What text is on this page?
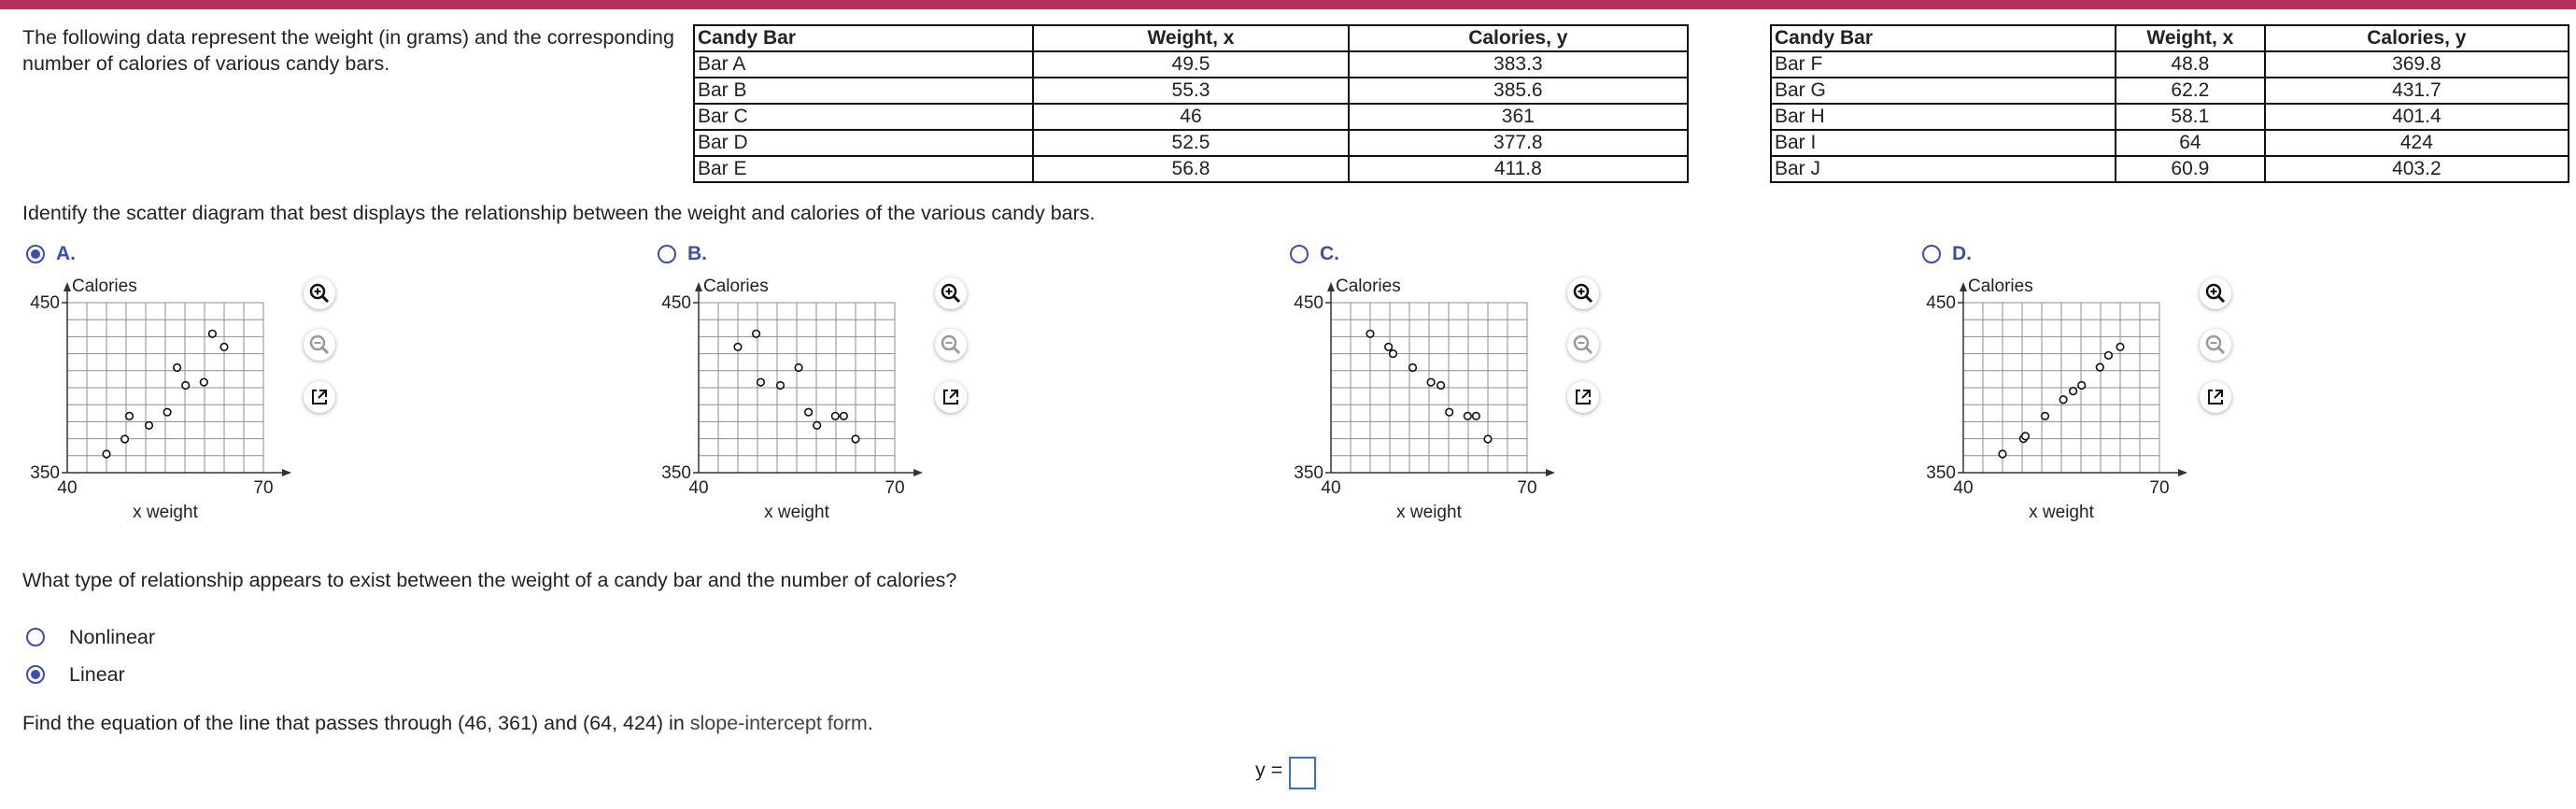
The following data represent the weight (in grams) and the corresponding number of calories of various candy bars.
Candy Bar	Weight, x	Calories, y
Bar A	49.5	383.3
Bar B	55.3	385.6
Bar C	46	361
Bar D	52.5	377.8
Bar E	56.8	411.8
Candy Bar	Weight, x	Calories, y
Bar F	48.8	369.8
Bar G	62.2	431.7
Bar H	58.1	401.4
Bar I	64	424
Bar J	60.9	403.2
Identify the scatter diagram that best displays the relationship between the weight and calories of the various candy bars.
A.
Calories
450
350
40	70
x weight
B.
Calories
450
350
40	70
x weight
C.
Calories
450
350
40	70
x weight
D.
Calories
450
350
40	70
x weight
What type of relationship appears to exist between the weight of a candy bar and the number of calories?
Nonlinear
Linear
Find the equation of the line that passes through (46, 361) and (64, 424) in slope-intercept form.
y =
